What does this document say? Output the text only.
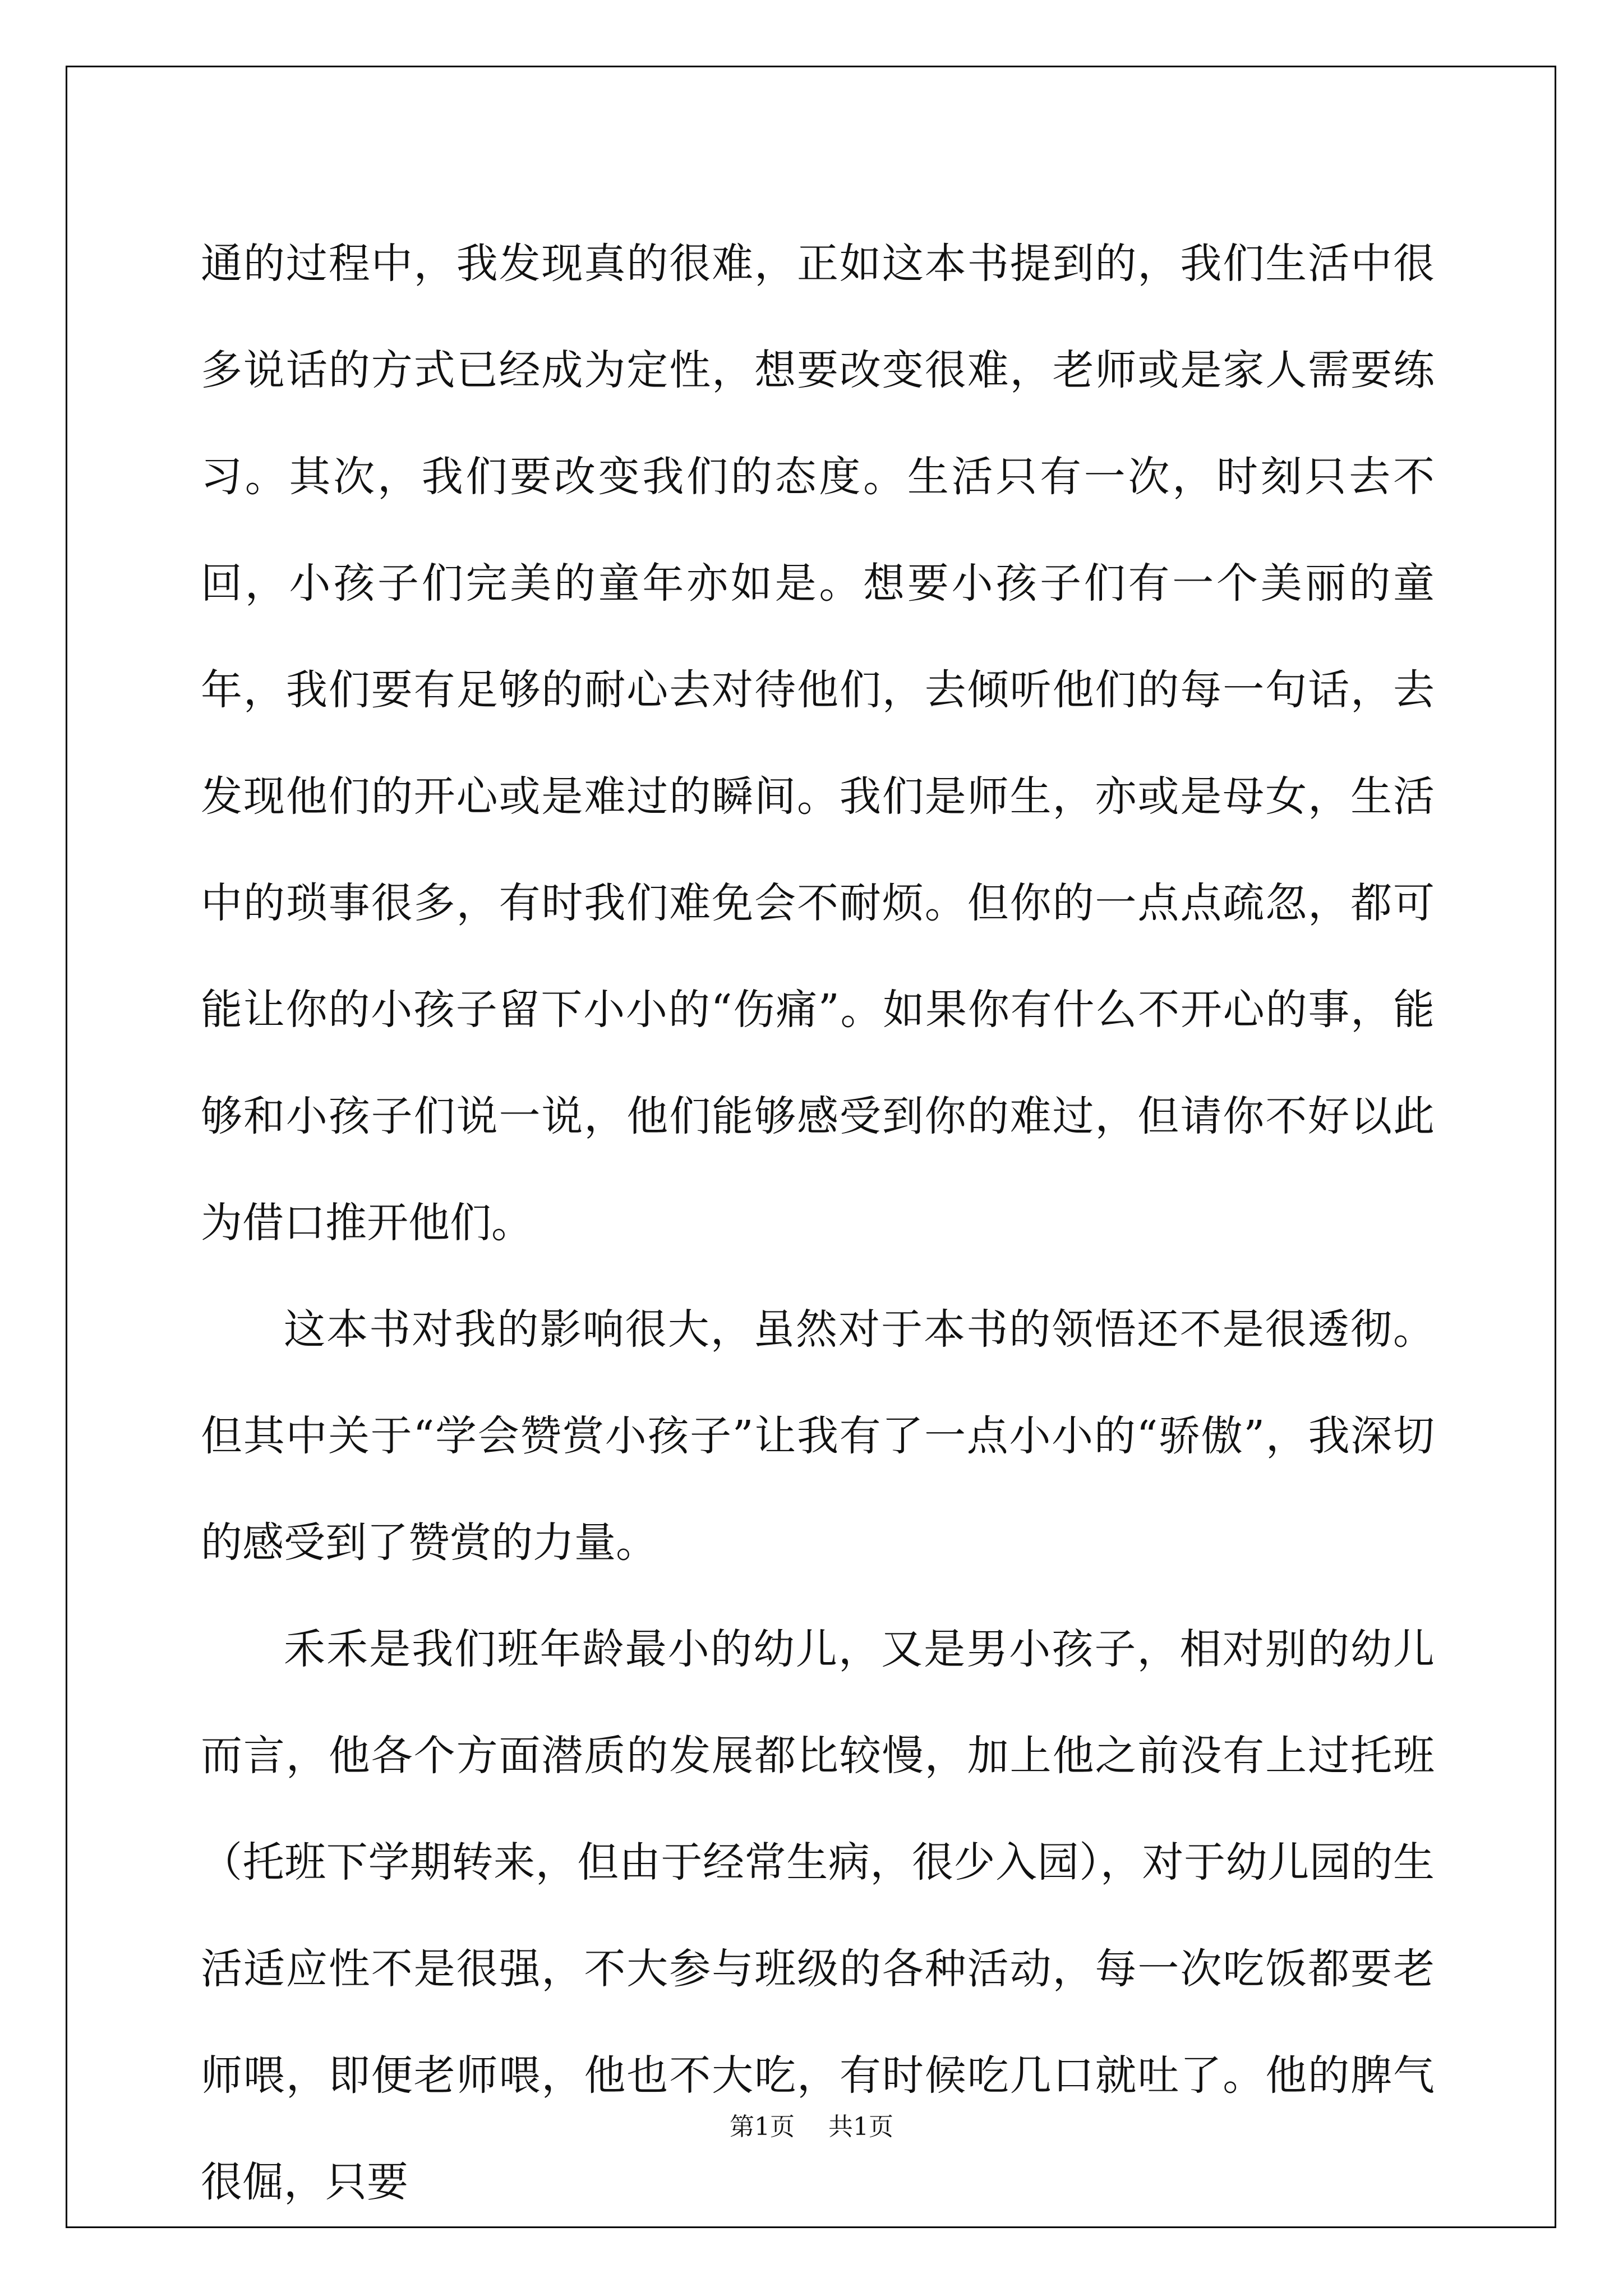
通的过程中，我发现真的很难，正如这本书提到的，我们生活中很多说话的方式已经成为定性，想要改变很难，老师或是家人需要练习。其次，我们要改变我们的态度。生活只有一次，时刻只去不回，小孩子们完美的童年亦如是。想要小孩子们有一个美丽的童年，我们要有足够的耐心去对待他们，去倾听他们的每一句话，去发现他们的开心或是难过的瞬间。我们是师生，亦或是母女，生活中的琐事很多，有时我们难免会不耐烦。但你的一点点疏忽，都可能让你的小孩子留下小小的“伤痛”。如果你有什么不开心的事，能够和小孩子们说一说，他们能够感受到你的难过，但请你不好以此为借口推开他们。

这本书对我的影响很大，虽然对于本书的领悟还不是很透彻。但其中关于“学会赞赏小孩子”让我有了一点小小的“骄傲”，我深切的感受到了赞赏的力量。

禾禾是我们班年龄最小的幼儿，又是男小孩子，相对别的幼儿而言，他各个方面潜质的发展都比较慢，加上他之前没有上过托班（托班下学期转来，但由于经常生病，很少入园），对于幼儿园的生活适应性不是很强，不大参与班级的各种活动，每一次吃饭都要老师喂，即便老师喂，他也不大吃，有时候吃几口就吐了。他的脾气很倔，只要

第1页 共1页
